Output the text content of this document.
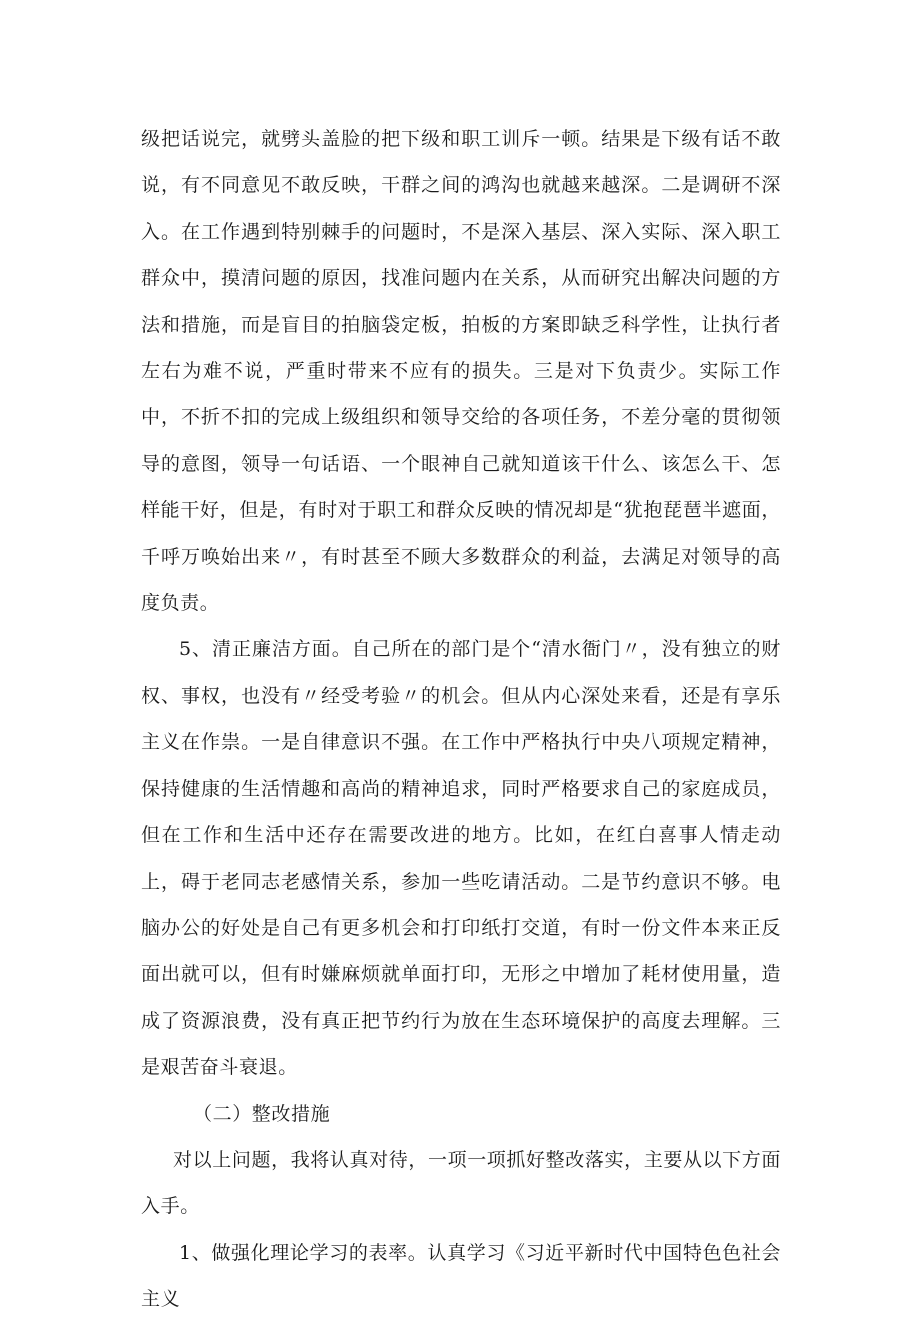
级把话说完，就劈头盖脸的把下级和职工训斥一顿。结果是下级有话不敢说，有不同意见不敢反映，干群之间的鸿沟也就越来越深。二是调研不深入。在工作遇到特别棘手的问题时，不是深入基层、深入实际、深入职工群众中，摸清问题的原因，找准问题内在关系，从而研究出解决问题的方法和措施，而是盲目的拍脑袋定板，拍板的方案即缺乏科学性，让执行者左右为难不说，严重时带来不应有的损失。三是对下负责少。实际工作中，不折不扣的完成上级组织和领导交给的各项任务，不差分毫的贯彻领导的意图，领导一句话语、一个眼神自己就知道该干什么、该怎么干、怎样能干好，但是，有时对于职工和群众反映的情况却是“犹抱琵琶半遮面，千呼万唤始出来〃，有时甚至不顾大多数群众的利益，去满足对领导的高度负责。

5、清正廉洁方面。自己所在的部门是个“清水衙门〃，没有独立的财权、事权，也没有〃经受考验〃的机会。但从内心深处来看，还是有享乐主义在作祟。一是自律意识不强。在工作中严格执行中央八项规定精神，保持健康的生活情趣和高尚的精神追求，同时严格要求自己的家庭成员，但在工作和生活中还存在需要改进的地方。比如，在红白喜事人情走动上，碍于老同志老感情关系，参加一些吃请活动。二是节约意识不够。电脑办公的好处是自己有更多机会和打印纸打交道，有时一份文件本来正反面出就可以，但有时嫌麻烦就单面打印，无形之中增加了耗材使用量，造成了资源浪费，没有真正把节约行为放在生态环境保护的高度去理解。三是艰苦奋斗衰退。

（二）整改措施

对以上问题，我将认真对待，一项一项抓好整改落实，主要从以下方面入手。

1、做强化理论学习的表率。认真学习《习近平新时代中国特色色社会主义
